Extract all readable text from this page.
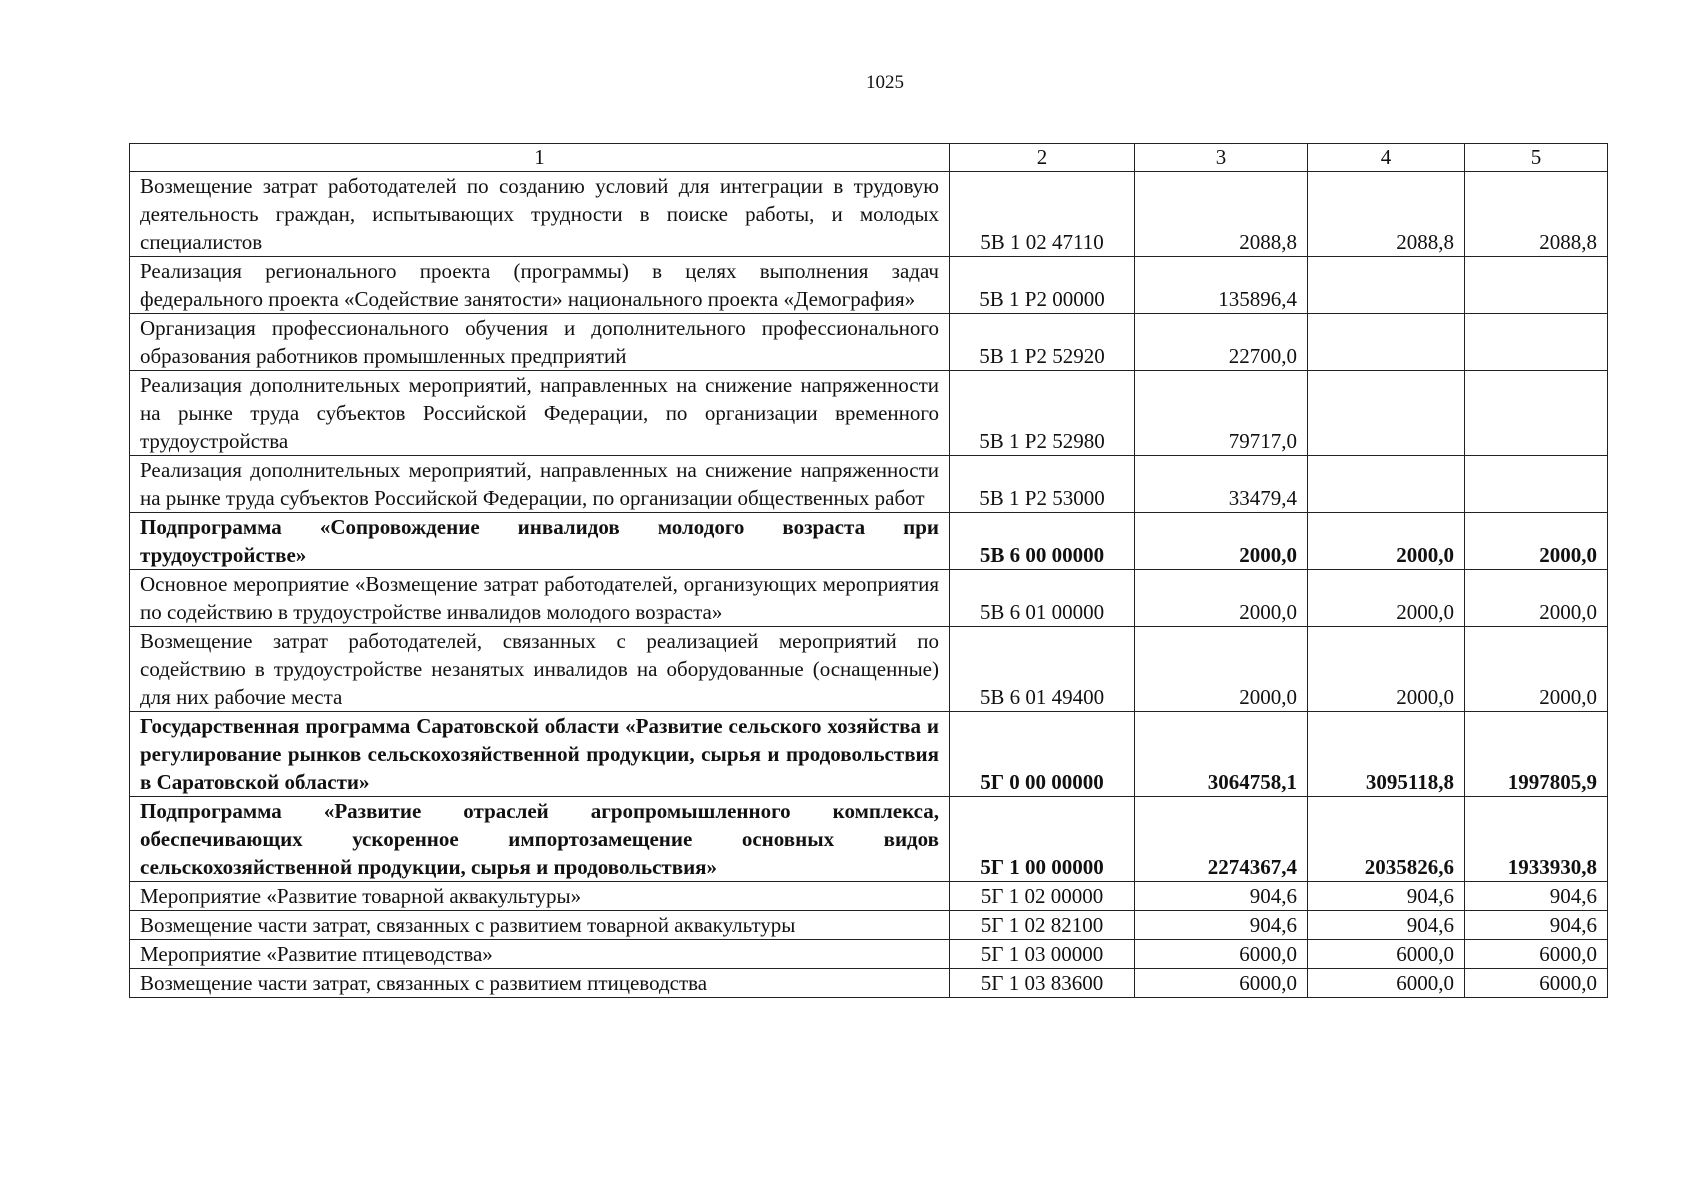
1025
1	2	3	4	5
Возмещение затрат работодателей по созданию условий для интеграции в трудовую деятельность граждан, испытывающих трудности в поиске работы, и молодых специалистов	5В 1 02 47110	2088,8	2088,8	2088,8
Реализация регионального проекта (программы) в целях выполнения задач федерального проекта «Содействие занятости» национального проекта «Демография»	5В 1 Р2 00000	135896,4		
Организация профессионального обучения и дополнительного профессионального образования работников промышленных предприятий	5В 1 Р2 52920	22700,0		
Реализация дополнительных мероприятий, направленных на снижение напряженности на рынке труда субъектов Российской Федерации, по организации временного трудоустройства	5В 1 Р2 52980	79717,0		
Реализация дополнительных мероприятий, направленных на снижение напряженности на рынке труда субъектов Российской Федерации, по организации общественных работ	5В 1 Р2 53000	33479,4		
Подпрограмма «Сопровождение инвалидов молодого возраста при трудоустройстве»	5В 6 00 00000	2000,0	2000,0	2000,0
Основное мероприятие «Возмещение затрат работодателей, организующих мероприятия по содействию в трудоустройстве инвалидов молодого возраста»	5В 6 01 00000	2000,0	2000,0	2000,0
Возмещение затрат работодателей, связанных с реализацией мероприятий по содействию в трудоустройстве незанятых инвалидов на оборудованные (оснащенные) для них рабочие места	5В 6 01 49400	2000,0	2000,0	2000,0
Государственная программа Саратовской области «Развитие сельского хозяйства и регулирование рынков сельскохозяйственной продукции, сырья и продовольствия в Саратовской области»	5Г 0 00 00000	3064758,1	3095118,8	1997805,9
Подпрограмма «Развитие отраслей агропромышленного комплекса, обеспечивающих ускоренное импортозамещение основных видов сельскохозяйственной продукции, сырья и продовольствия»	5Г 1 00 00000	2274367,4	2035826,6	1933930,8
Мероприятие «Развитие товарной аквакультуры»	5Г 1 02 00000	904,6	904,6	904,6
Возмещение части затрат, связанных с развитием товарной аквакультуры	5Г 1 02 82100	904,6	904,6	904,6
Мероприятие «Развитие птицеводства»	5Г 1 03 00000	6000,0	6000,0	6000,0
Возмещение части затрат, связанных с развитием птицеводства	5Г 1 03 83600	6000,0	6000,0	6000,0
